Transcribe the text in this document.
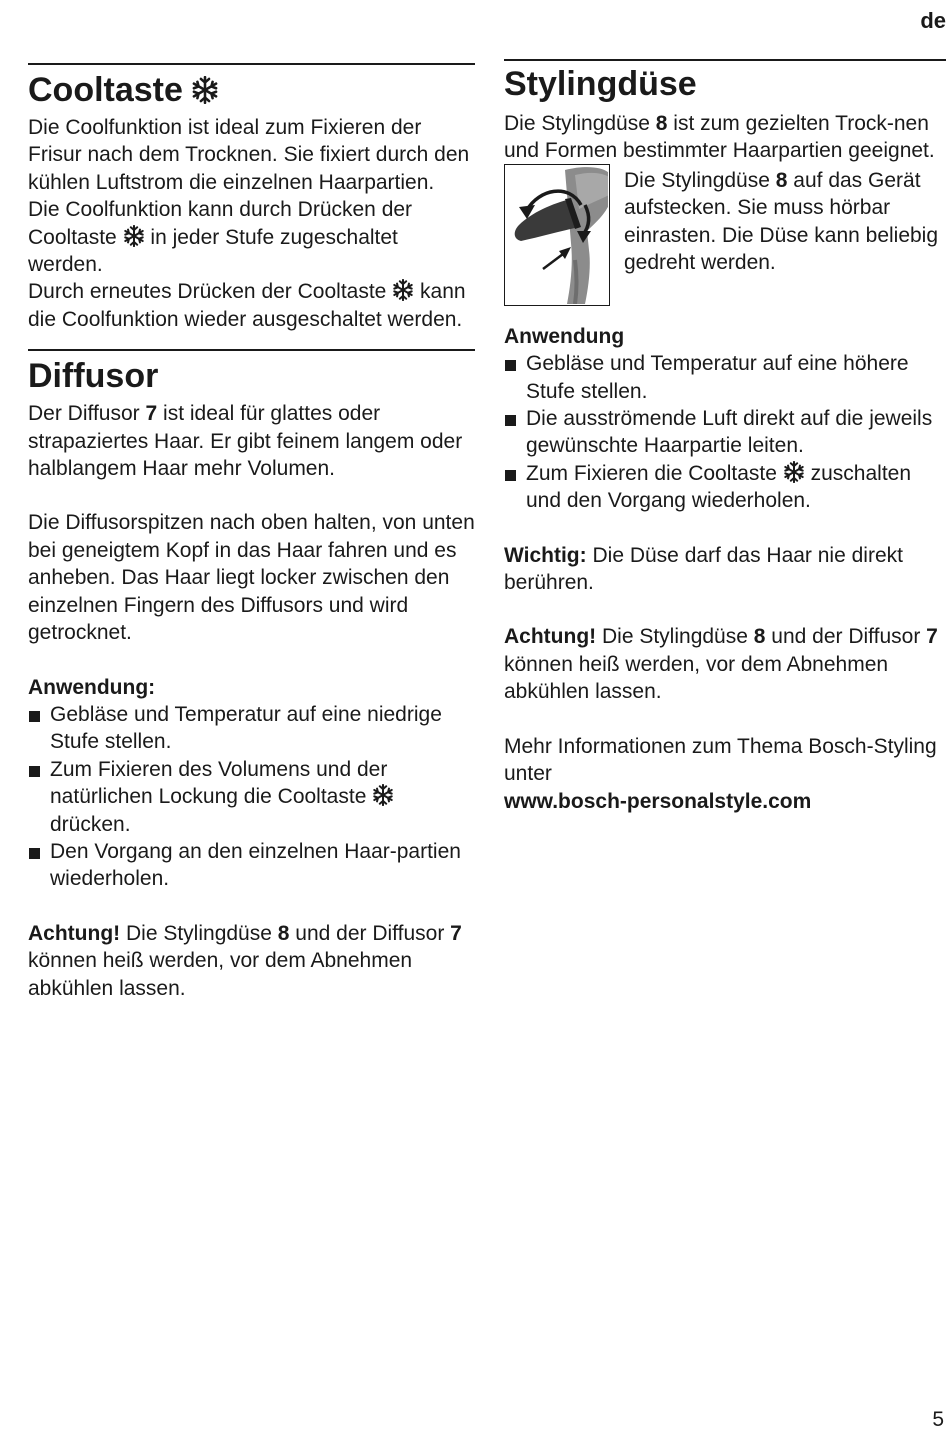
de
Cooltaste

Die Coolfunktion ist ideal zum Fixieren der Frisur nach dem Trocknen. Sie fixiert durch den kühlen Luftstrom die einzelnen Haarpartien.

Die Coolfunktion kann durch Drücken der Cooltaste in jeder Stufe zugeschaltet werden.

Durch erneutes Drücken der Cooltaste kann die Coolfunktion wieder ausgeschaltet werden.

Diffusor

Der Diffusor 7 ist ideal für glattes oder strapaziertes Haar. Er gibt feinem langem oder halblangem Haar mehr Volumen.

Die Diffusorspitzen nach oben halten, von unten bei geneigtem Kopf in das Haar fahren und es anheben. Das Haar liegt locker zwischen den einzelnen Fingern des Diffusors und wird getrocknet.

Anwendung:
Gebläse und Temperatur auf eine niedrige Stufe stellen.
Zum Fixieren des Volumens und der natürlichen Lockung die Cooltaste
drücken.
Den Vorgang an den einzelnen Haar-partien wiederholen.

Achtung! Die Stylingdüse 8 und der Diffusor 7 können heiß werden, vor dem Abnehmen abkühlen lassen.

Stylingdüse

Die Stylingdüse 8 ist zum gezielten Trock-nen und Formen bestimmter Haarpartien geeignet.

Die Stylingdüse 8 auf das Gerät aufstecken. Sie muss hörbar einrasten. Die Düse kann beliebig gedreht werden.

Anwendung
Gebläse und Temperatur auf eine höhere Stufe stellen.
Die ausströmende Luft direkt auf die jeweils gewünschte Haarpartie leiten.
Zum Fixieren die Cooltaste zuschalten und den Vorgang wiederholen.

Wichtig: Die Düse darf das Haar nie direkt berühren.

Achtung! Die Stylingdüse 8 und der Diffusor 7 können heiß werden, vor dem Abnehmen abkühlen lassen.

Mehr Informationen zum Thema Bosch-Styling unter
www.bosch-personalstyle.com

5
